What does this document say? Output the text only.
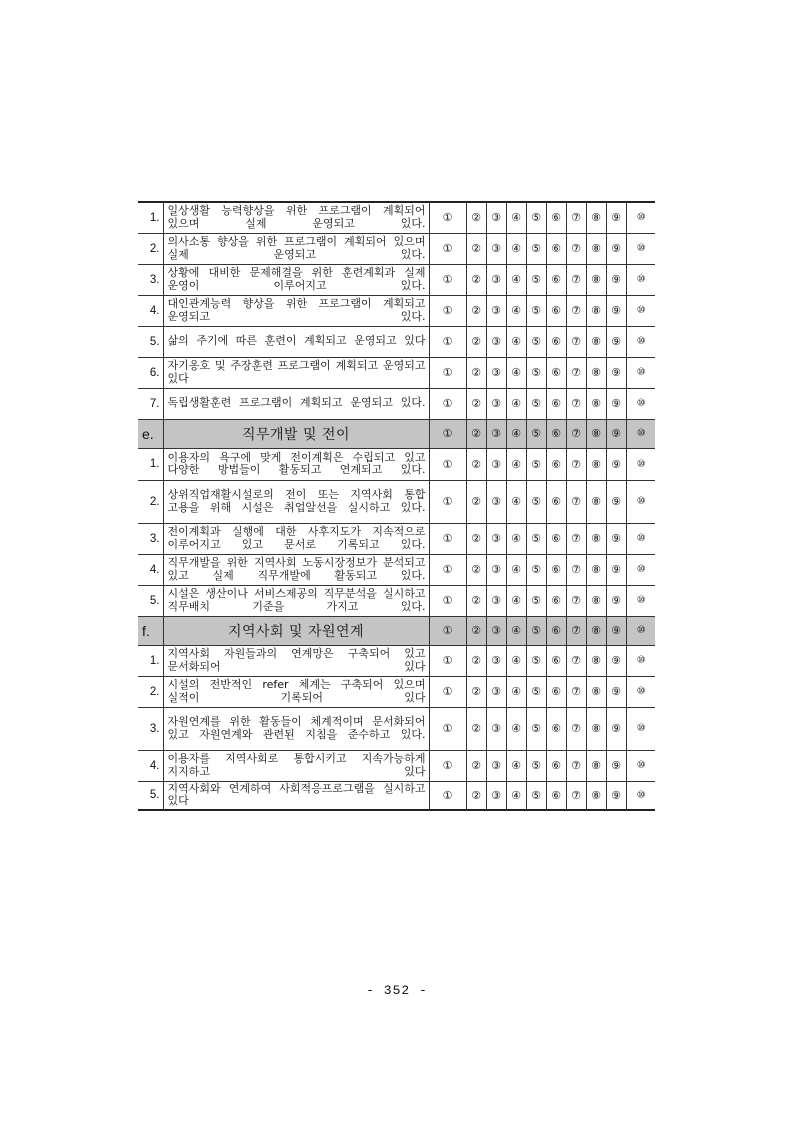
1.	일상생활 능력향상을 위한 프로그램이 계획되어 있으며 실제 운영되고 있다.	①	②	③	④	⑤	⑥	⑦	⑧	⑨	⑩
2.	의사소통 향상을 위한 프로그램이 계획되어 있으며 실제 운영되고 있다.	①	②	③	④	⑤	⑥	⑦	⑧	⑨	⑩
3.	상황에 대비한 문제해결을 위한 훈련계획과 실제 운영이 이루어지고 있다.	①	②	③	④	⑤	⑥	⑦	⑧	⑨	⑩
4.	대인관계능력 향상을 위한 프로그램이 계획되고 운영되고 있다.	①	②	③	④	⑤	⑥	⑦	⑧	⑨	⑩
5.	삶의 주기에 따른 훈련이 계획되고 운영되고 있다	①	②	③	④	⑤	⑥	⑦	⑧	⑨	⑩
6.	자기옹호 및 주장훈련 프로그램이 계획되고 운영되고 있다	①	②	③	④	⑤	⑥	⑦	⑧	⑨	⑩
7.	독립생활훈련 프로그램이 계획되고 운영되고 있다.	①	②	③	④	⑤	⑥	⑦	⑧	⑨	⑩
e.	직무개발 및 전이	①	②	③	④	⑤	⑥	⑦	⑧	⑨	⑩
1.	이용자의 욕구에 맞게 전이계획은 수립되고 있고 다양한 방법들이 활동되고 연계되고 있다.	①	②	③	④	⑤	⑥	⑦	⑧	⑨	⑩
2.	상위직업재활시설로의 전이 또는 지역사회 통합 고용을 위해 시설은 취업알선을 실시하고 있다.	①	②	③	④	⑤	⑥	⑦	⑧	⑨	⑩
3.	전이계획과 실행에 대한 사후지도가 지속적으로 이루어지고 있고 문서로 기록되고 있다.	①	②	③	④	⑤	⑥	⑦	⑧	⑨	⑩
4.	직무개발을 위한 지역사회 노동시장정보가 분석되고 있고 실제 직무개발에 활동되고 있다.	①	②	③	④	⑤	⑥	⑦	⑧	⑨	⑩
5.	시설은 생산이나 서비스제공의 직무분석을 실시하고 직무배치 기준을 가지고 있다.	①	②	③	④	⑤	⑥	⑦	⑧	⑨	⑩
f.	지역사회 및 자원연계	①	②	③	④	⑤	⑥	⑦	⑧	⑨	⑩
1.	지역사회 자원들과의 연계망은 구축되어 있고 문서화되어 있다	①	②	③	④	⑤	⑥	⑦	⑧	⑨	⑩
2.	시설의 전반적인 refer 체계는 구축되어 있으며 실적이 기록되어 있다	①	②	③	④	⑤	⑥	⑦	⑧	⑨	⑩
3.	자원연계를 위한 활동들이 체계적이며 문서화되어 있고 자원연계와 관련된 지침을 준수하고 있다.	①	②	③	④	⑤	⑥	⑦	⑧	⑨	⑩
4.	이용자를 지역사회로 통합시키고 지속가능하게 지지하고 있다	①	②	③	④	⑤	⑥	⑦	⑧	⑨	⑩
5.	지역사회와 연계하여 사회적응프로그램을 실시하고 있다	①	②	③	④	⑤	⑥	⑦	⑧	⑨	⑩
- 352 -
